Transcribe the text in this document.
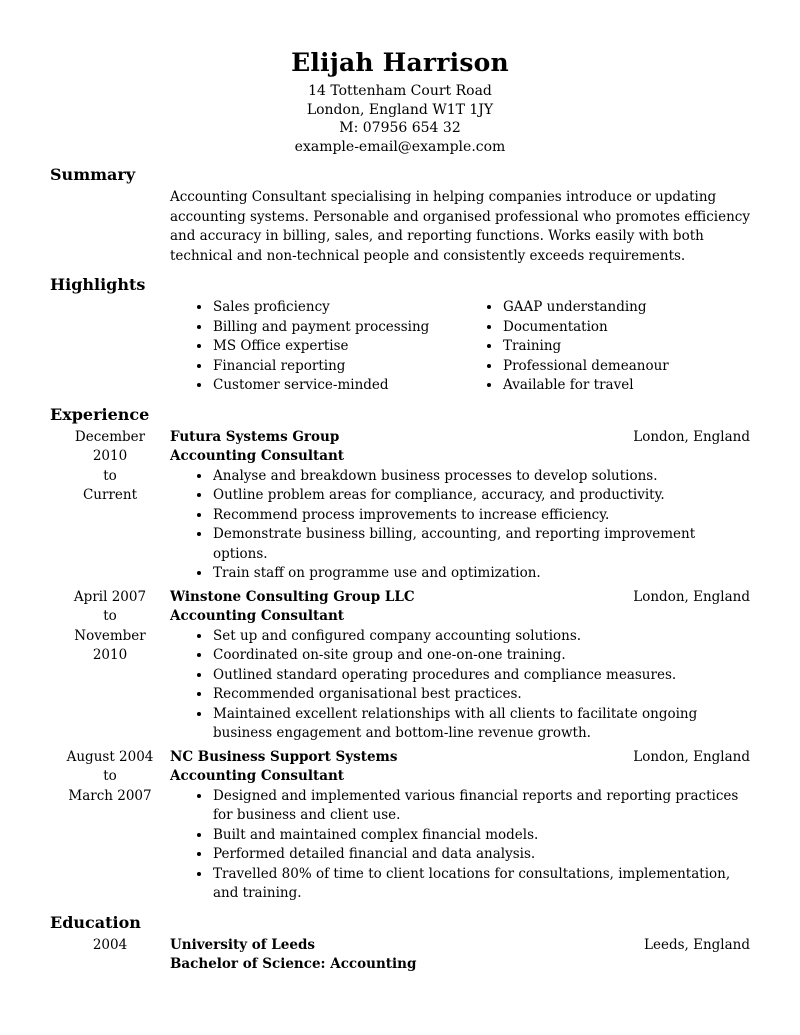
Elijah Harrison
14 Tottenham Court Road
London, England W1T 1JY
M: 07956 654 32
example-email@example.com
Summary

Accounting Consultant specialising in helping companies introduce or updating accounting systems. Personable and organised professional who promotes efficiency and accuracy in billing, sales, and reporting functions. Works easily with both technical and non-technical people and consistently exceeds requirements.

Highlights
• Sales proficiency
• Billing and payment processing
• MS Office expertise
• Financial reporting
• Customer service-minded
• GAAP understanding
• Documentation
• Training
• Professional demeanour
• Available for travel
Experience
December 2010
to
Current
Futura Systems Group	London, England
Accounting Consultant
• Analyse and breakdown business processes to develop solutions.
• Outline problem areas for compliance, accuracy, and productivity.
• Recommend process improvements to increase efficiency.
• Demonstrate business billing, accounting, and reporting improvement options.
• Train staff on programme use and optimization.
April 2007
to
November 2010
Winstone Consulting Group LLC	London, England
Accounting Consultant
• Set up and configured company accounting solutions.
• Coordinated on-site group and one-on-one training.
• Outlined standard operating procedures and compliance measures.
• Recommended organisational best practices.
• Maintained excellent relationships with all clients to facilitate ongoing business engagement and bottom-line revenue growth.
August 2004
to
March 2007
NC Business Support Systems	London, England
Accounting Consultant
• Designed and implemented various financial reports and reporting practices for business and client use.
• Built and maintained complex financial models.
• Performed detailed financial and data analysis.
• Travelled 80% of time to client locations for consultations, implementation, and training.
Education
2004	University of Leeds	Leeds, England
Bachelor of Science: Accounting
